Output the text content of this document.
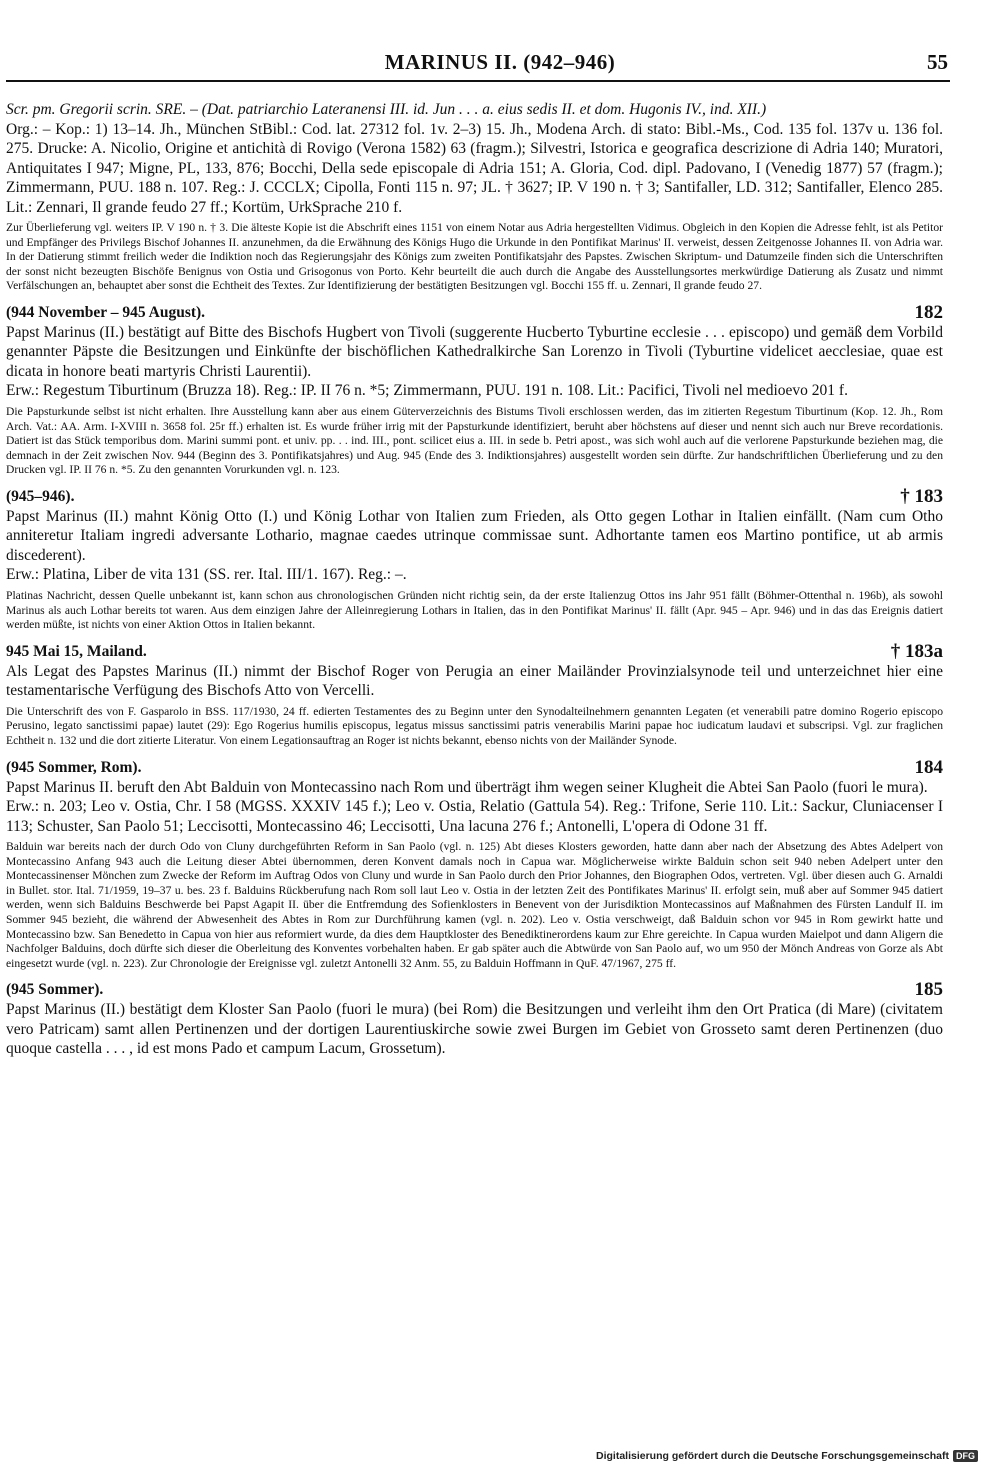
MARINUS II. (942–946)	55
Scr. pm. Gregorii scrin. SRE. – (Dat. patriarchio Lateranensi III. id. Jun . . . a. eius sedis II. et dom. Hugonis IV., ind. XII.)
Org.: – Kop.: 1) 13–14. Jh., München StBibl.: Cod. lat. 27312 fol. 1v. 2–3) 15. Jh., Modena Arch. di stato: Bibl.-Ms., Cod. 135 fol. 137v u. 136 fol. 275. Drucke: A. Nicolio, Origine et antichità di Rovigo (Verona 1582) 63 (fragm.); Silvestri, Istorica e geografica descrizione di Adria 140; Muratori, Antiquitates I 947; Migne, PL, 133, 876; Bocchi, Della sede episcopale di Adria 151; A. Gloria, Cod. dipl. Padovano, I (Venedig 1877) 57 (fragm.); Zimmermann, PUU. 188 n. 107. Reg.: J. CCCLX; Cipolla, Fonti 115 n. 97; JL. † 3627; IP. V 190 n. † 3; Santifaller, LD. 312; Santifaller, Elenco 285. Lit.: Zennari, Il grande feudo 27 ff.; Kortüm, UrkSprache 210 f.
Zur Überlieferung vgl. weiters IP. V 190 n. † 3. Die älteste Kopie ist die Abschrift eines 1151 von einem Notar aus Adria hergestellten Vidimus. Obgleich in den Kopien die Adresse fehlt, ist als Petitor und Empfänger des Privilegs Bischof Johannes II. anzunehmen, da die Erwähnung des Königs Hugo die Urkunde in den Pontifikat Marinus' II. verweist, dessen Zeitgenosse Johannes II. von Adria war. In der Datierung stimmt freilich weder die Indiktion noch das Regierungsjahr des Königs zum zweiten Pontifikatsjahr des Papstes. Zwischen Skriptum- und Datumzeile finden sich die Unterschriften der sonst nicht bezeugten Bischöfe Benignus von Ostia und Grisogonus von Porto. Kehr beurteilt die auch durch die Angabe des Ausstellungsortes merkwürdige Datierung als Zusatz und nimmt Verfälschungen an, behauptet aber sonst die Echtheit des Textes. Zur Identifizierung der bestätigten Besitzungen vgl. Bocchi 155 ff. u. Zennari, Il grande feudo 27.
(944 November – 945 August).	182
Papst Marinus (II.) bestätigt auf Bitte des Bischofs Hugbert von Tivoli (suggerente Hucberto Tyburtine ecclesie . . . episcopo) und gemäß dem Vorbild genannter Päpste die Besitzungen und Einkünfte der bischöflichen Kathedralkirche San Lorenzo in Tivoli (Tyburtine videlicet aecclesiae, quae est dicata in honore beati martyris Christi Laurentii).
Erw.: Regestum Tiburtinum (Bruzza 18). Reg.: IP. II 76 n. *5; Zimmermann, PUU. 191 n. 108. Lit.: Pacifici, Tivoli nel medioevo 201 f.
Die Papsturkunde selbst ist nicht erhalten. Ihre Ausstellung kann aber aus einem Güterverzeichnis des Bistums Tivoli erschlossen werden, das im zitierten Regestum Tiburtinum (Kop. 12. Jh., Rom Arch. Vat.: AA. Arm. I-XVIII n. 3658 fol. 25r ff.) erhalten ist. Es wurde früher irrig mit der Papsturkunde identifiziert, beruht aber höchstens auf dieser und nennt sich auch nur Breve recordationis. Datiert ist das Stück temporibus dom. Marini summi pont. et univ. pp. . . ind. III., pont. scilicet eius a. III. in sede b. Petri apost., was sich wohl auch auf die verlorene Papsturkunde beziehen mag, die demnach in der Zeit zwischen Nov. 944 (Beginn des 3. Pontifikatsjahres) und Aug. 945 (Ende des 3. Indiktionsjahres) ausgestellt worden sein dürfte. Zur handschriftlichen Überlieferung und zu den Drucken vgl. IP. II 76 n. *5. Zu den genannten Vorurkunden vgl. n. 123.
(945–946).	† 183
Papst Marinus (II.) mahnt König Otto (I.) und König Lothar von Italien zum Frieden, als Otto gegen Lothar in Italien einfällt. (Nam cum Otho anniteretur Italiam ingredi adversante Lothario, magnae caedes utrinque commissae sunt. Adhortante tamen eos Martino pontifice, ut ab armis discederent).
Erw.: Platina, Liber de vita 131 (SS. rer. Ital. III/1. 167). Reg.: –.
Platinas Nachricht, dessen Quelle unbekannt ist, kann schon aus chronologischen Gründen nicht richtig sein, da der erste Italienzug Ottos ins Jahr 951 fällt (Böhmer-Ottenthal n. 196b), als sowohl Marinus als auch Lothar bereits tot waren. Aus dem einzigen Jahre der Alleinregierung Lothars in Italien, das in den Pontifikat Marinus' II. fällt (Apr. 945 – Apr. 946) und in das das Ereignis datiert werden müßte, ist nichts von einer Aktion Ottos in Italien bekannt.
945 Mai 15, Mailand.	† 183a
Als Legat des Papstes Marinus (II.) nimmt der Bischof Roger von Perugia an einer Mailänder Provinzialsynode teil und unterzeichnet hier eine testamentarische Verfügung des Bischofs Atto von Vercelli.
Die Unterschrift des von F. Gasparolo in BSS. 117/1930, 24 ff. edierten Testamentes des zu Beginn unter den Synodalteilnehmern genannten Legaten (et venerabili patre domino Rogerio episcopo Perusino, legato sanctissimi papae) lautet (29): Ego Rogerius humilis episcopus, legatus missus sanctissimi patris venerabilis Marini papae hoc iudicatum laudavi et subscripsi. Vgl. zur fraglichen Echtheit n. 132 und die dort zitierte Literatur. Von einem Legationsauftrag an Roger ist nichts bekannt, ebenso nichts von der Mailänder Synode.
(945 Sommer, Rom).	184
Papst Marinus II. beruft den Abt Balduin von Montecassino nach Rom und überträgt ihm wegen seiner Klugheit die Abtei San Paolo (fuori le mura).
Erw.: n. 203; Leo v. Ostia, Chr. I 58 (MGSS. XXXIV 145 f.); Leo v. Ostia, Relatio (Gattula 54). Reg.: Trifone, Serie 110. Lit.: Sackur, Cluniacenser I 113; Schuster, San Paolo 51; Leccisotti, Montecassino 46; Leccisotti, Una lacuna 276 f.; Antonelli, L'opera di Odone 31 ff.
Balduin war bereits nach der durch Odo von Cluny durchgeführten Reform in San Paolo (vgl. n. 125) Abt dieses Klosters geworden, hatte dann aber nach der Absetzung des Abtes Adelpert von Montecassino Anfang 943 auch die Leitung dieser Abtei übernommen, deren Konvent damals noch in Capua war. Möglicherweise wirkte Balduin schon seit 940 neben Adelpert unter den Montecassinenser Mönchen zum Zwecke der Reform im Auftrag Odos von Cluny und wurde in San Paolo durch den Prior Johannes, den Biographen Odos, vertreten. Vgl. über diesen auch G. Arnaldi in Bullet. stor. Ital. 71/1959, 19–37 u. bes. 23 f. Balduins Rückberufung nach Rom soll laut Leo v. Ostia in der letzten Zeit des Pontifikates Marinus' II. erfolgt sein, muß aber auf Sommer 945 datiert werden, wenn sich Balduins Beschwerde bei Papst Agapit II. über die Entfremdung des Sofienklosters in Benevent von der Jurisdiktion Montecassinos auf Maßnahmen des Fürsten Landulf II. im Sommer 945 bezieht, die während der Abwesenheit des Abtes in Rom zur Durchführung kamen (vgl. n. 202). Leo v. Ostia verschweigt, daß Balduin schon vor 945 in Rom gewirkt hatte und Montecassino bzw. San Benedetto in Capua von hier aus reformiert wurde, da dies dem Hauptkloster des Benediktinerordens kaum zur Ehre gereichte. In Capua wurden Maielpot und dann Aligern die Nachfolger Balduins, doch dürfte sich dieser die Oberleitung des Konventes vorbehalten haben. Er gab später auch die Abtwürde von San Paolo auf, wo um 950 der Mönch Andreas von Gorze als Abt eingesetzt wurde (vgl. n. 223). Zur Chronologie der Ereignisse vgl. zuletzt Antonelli 32 Anm. 55, zu Balduin Hoffmann in QuF. 47/1967, 275 ff.
(945 Sommer).	185
Papst Marinus (II.) bestätigt dem Kloster San Paolo (fuori le mura) (bei Rom) die Besitzungen und verleiht ihm den Ort Pratica (di Mare) (civitatem vero Patricam) samt allen Pertinenzen und der dortigen Laurentiuskirche sowie zwei Burgen im Gebiet von Grosseto samt deren Pertinenzen (duo quoque castella . . . , id est mons Pado et campum Lacum, Grossetum).
Digitalisierung gefördert durch die Deutsche Forschungsgemeinschaft DFG
